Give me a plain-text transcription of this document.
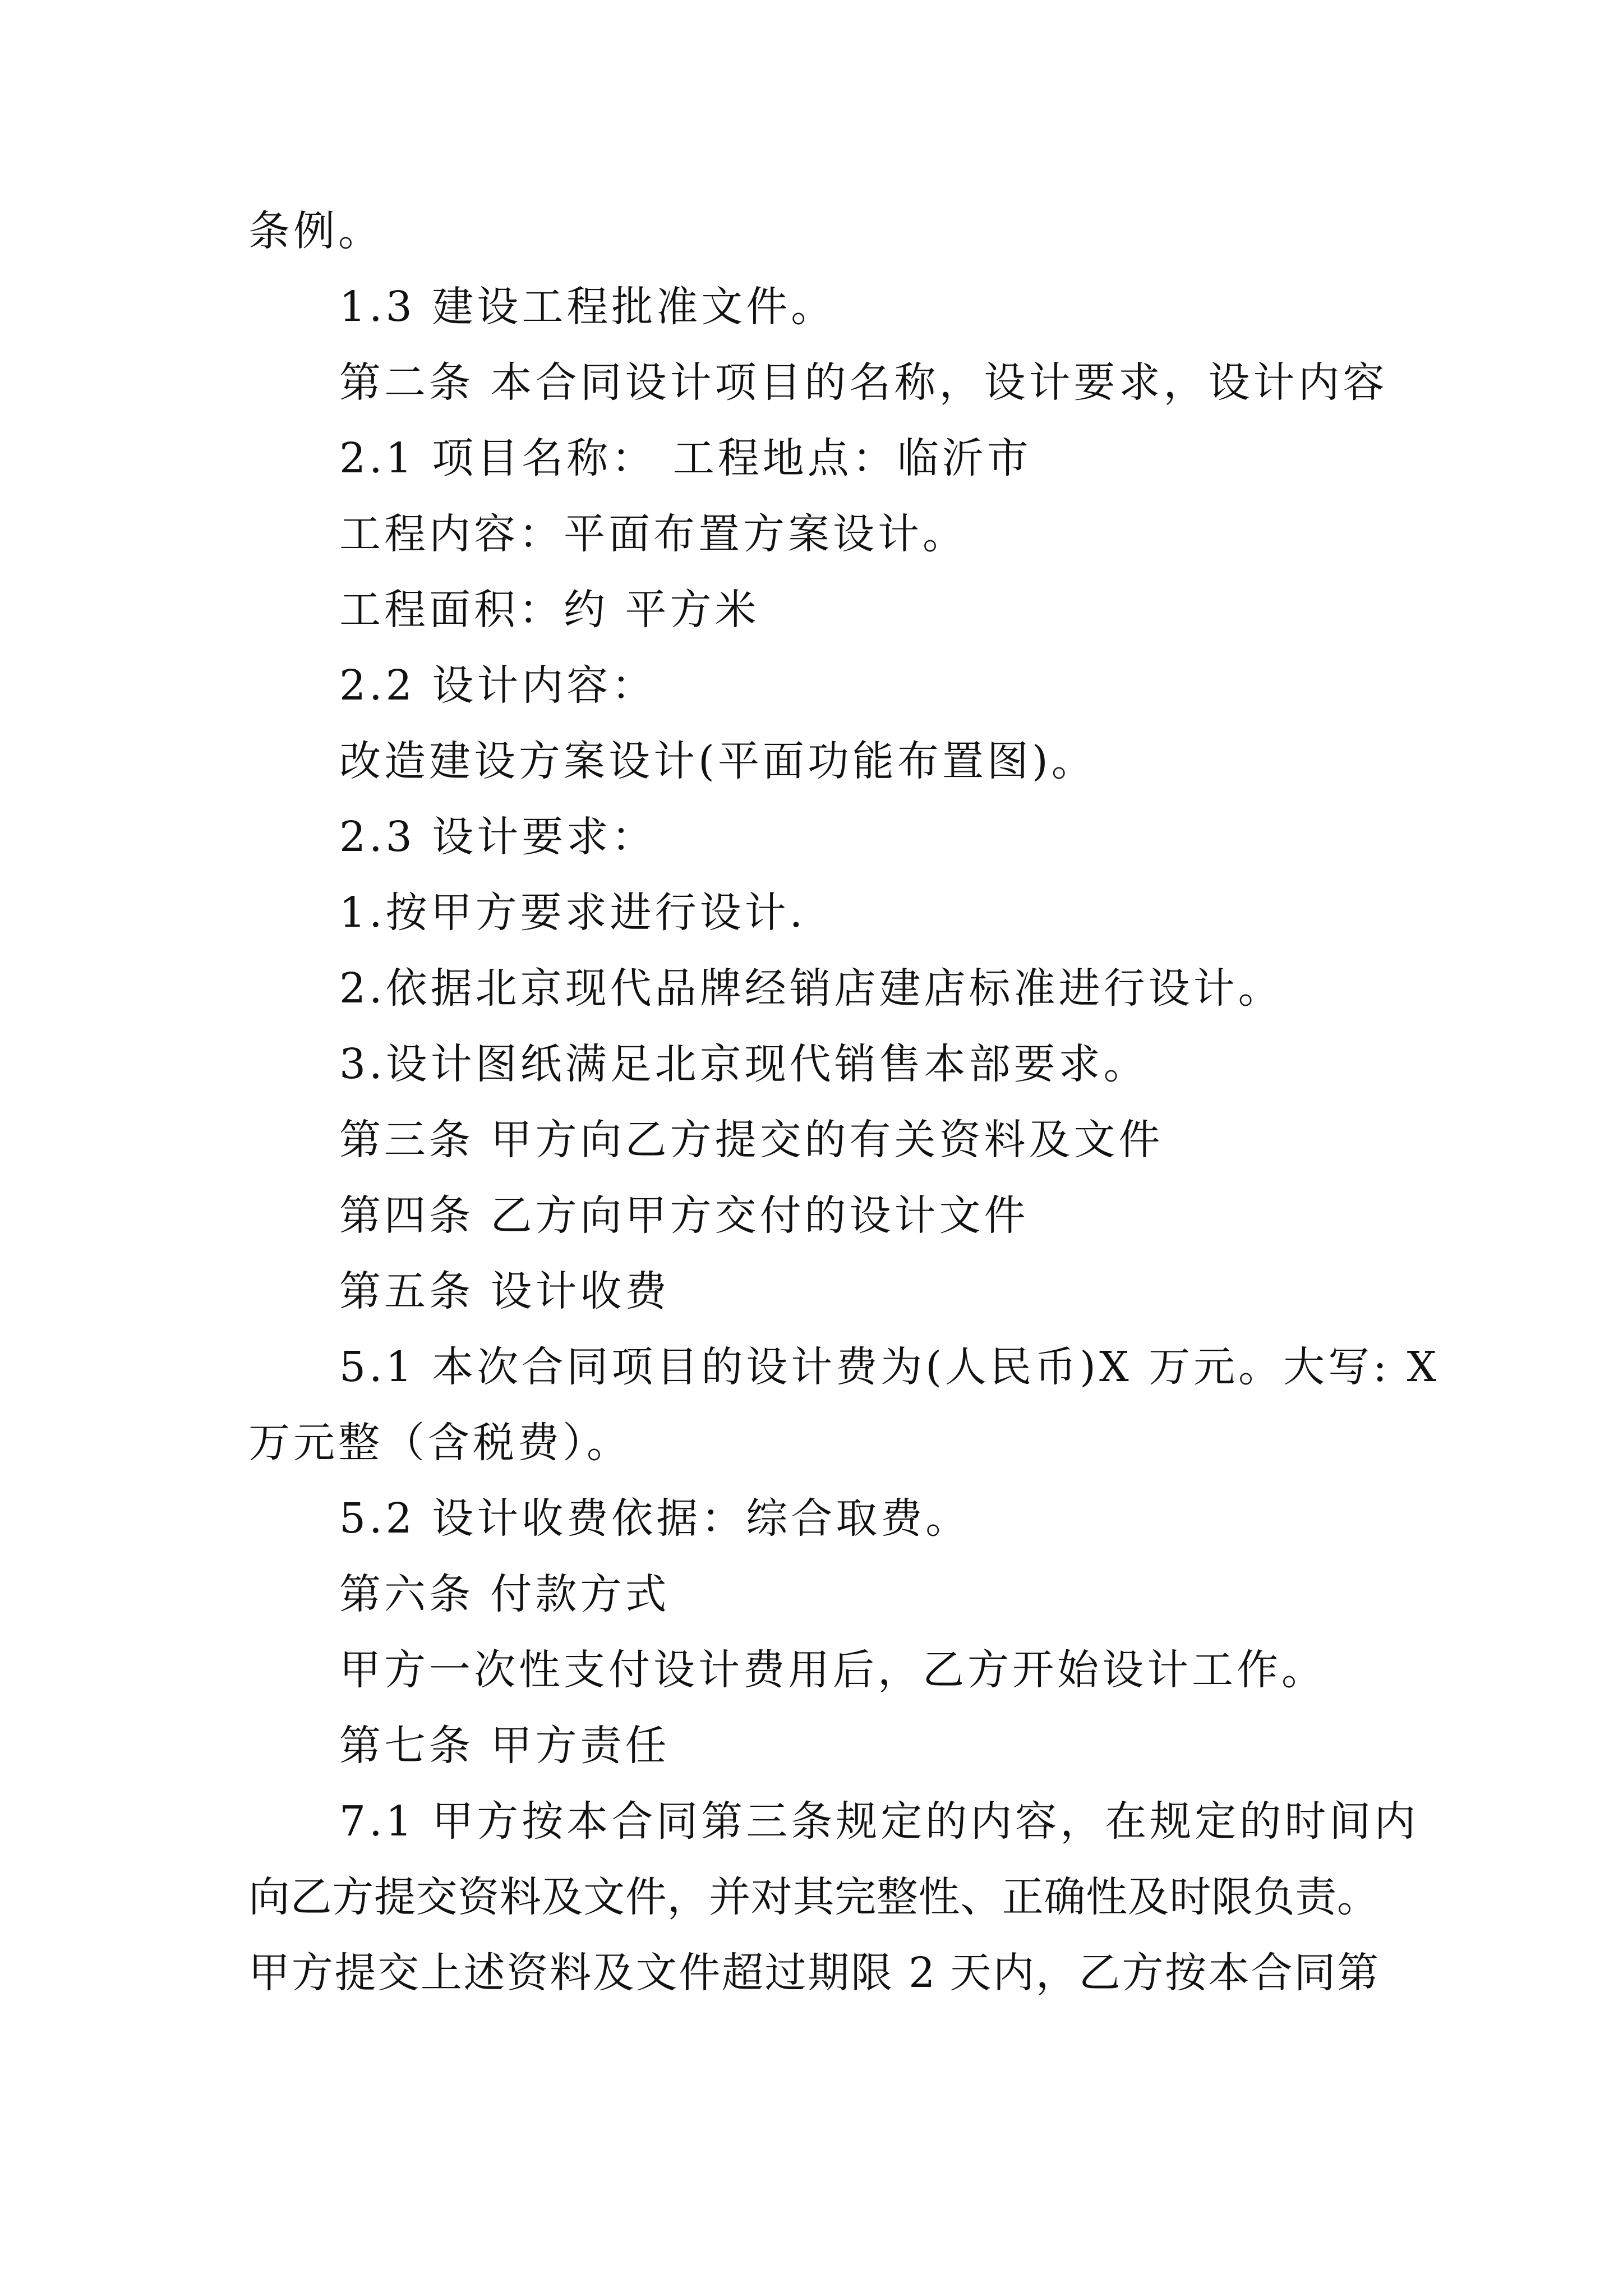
条例。

1.3 建设工程批准文件。

第二条 本合同设计项目的名称，设计要求，设计内容

2.1 项目名称： 工程地点：临沂市

工程内容：平面布置方案设计。

工程面积：约 平方米

2.2 设计内容：

改造建设方案设计(平面功能布置图)。

2.3 设计要求：

1.按甲方要求进行设计.

2.依据北京现代品牌经销店建店标准进行设计。

3.设计图纸满足北京现代销售本部要求。

第三条 甲方向乙方提交的有关资料及文件

第四条 乙方向甲方交付的设计文件

第五条 设计收费

5.1 本次合同项目的设计费为(人民币)X 万元。大写: X

万元整（含税费）。

5.2 设计收费依据：综合取费。

第六条 付款方式

甲方一次性支付设计费用后，乙方开始设计工作。

第七条 甲方责任

7.1 甲方按本合同第三条规定的内容，在规定的时间内

向乙方提交资料及文件，并对其完整性、正确性及时限负责。

甲方提交上述资料及文件超过期限 2 天内，乙方按本合同第
